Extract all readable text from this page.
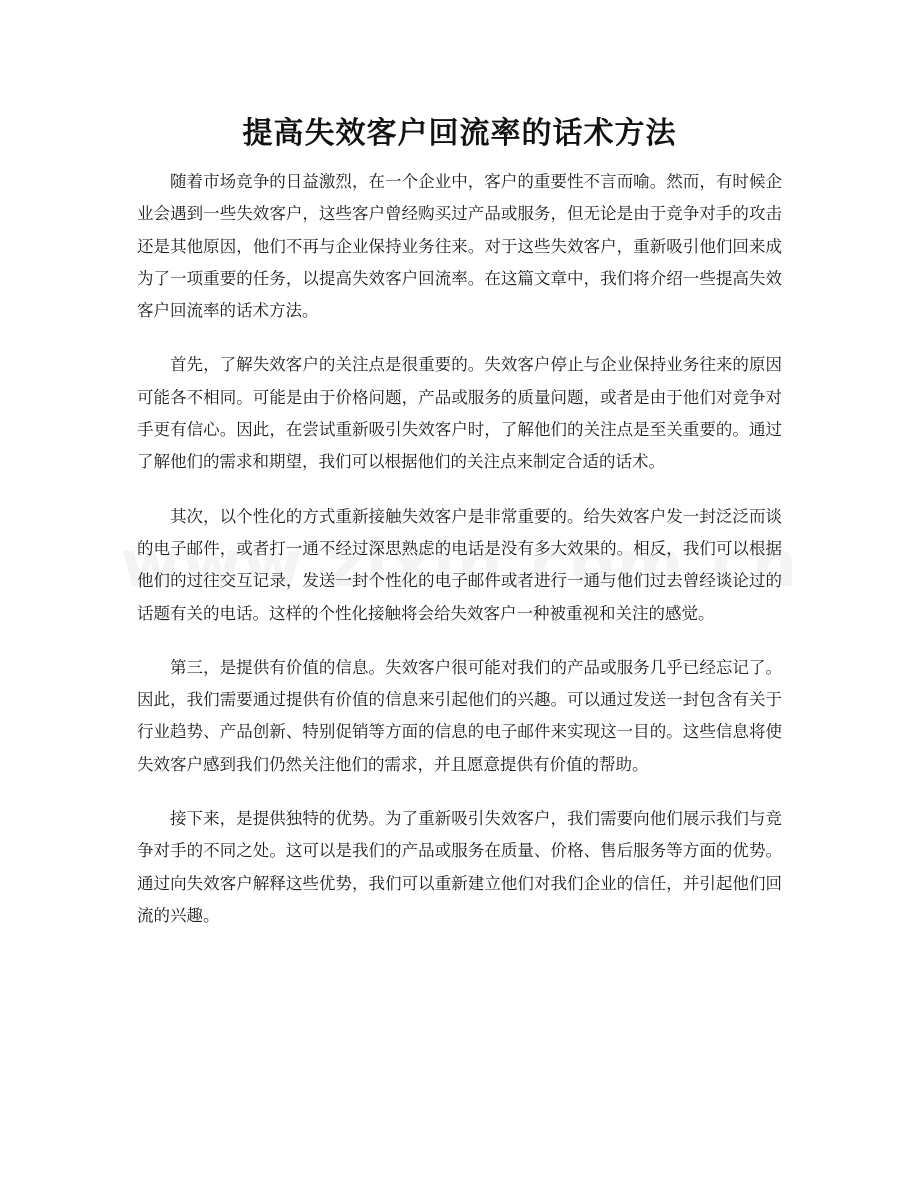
提高失效客户回流率的话术方法

随着市场竞争的日益激烈，在一个企业中，客户的重要性不言而喻。然而，有时候企业会遇到一些失效客户，这些客户曾经购买过产品或服务，但无论是由于竞争对手的攻击还是其他原因，他们不再与企业保持业务往来。对于这些失效客户，重新吸引他们回来成为了一项重要的任务，以提高失效客户回流率。在这篇文章中，我们将介绍一些提高失效客户回流率的话术方法。

首先，了解失效客户的关注点是很重要的。失效客户停止与企业保持业务往来的原因可能各不相同。可能是由于价格问题，产品或服务的质量问题，或者是由于他们对竞争对手更有信心。因此，在尝试重新吸引失效客户时，了解他们的关注点是至关重要的。通过了解他们的需求和期望，我们可以根据他们的关注点来制定合适的话术。

其次，以个性化的方式重新接触失效客户是非常重要的。给失效客户发一封泛泛而谈的电子邮件，或者打一通不经过深思熟虑的电话是没有多大效果的。相反，我们可以根据他们的过往交互记录，发送一封个性化的电子邮件或者进行一通与他们过去曾经谈论过的话题有关的电话。这样的个性化接触将会给失效客户一种被重视和关注的感觉。

第三，是提供有价值的信息。失效客户很可能对我们的产品或服务几乎已经忘记了。因此，我们需要通过提供有价值的信息来引起他们的兴趣。可以通过发送一封包含有关于行业趋势、产品创新、特别促销等方面的信息的电子邮件来实现这一目的。这些信息将使失效客户感到我们仍然关注他们的需求，并且愿意提供有价值的帮助。

接下来，是提供独特的优势。为了重新吸引失效客户，我们需要向他们展示我们与竞争对手的不同之处。这可以是我们的产品或服务在质量、价格、售后服务等方面的优势。通过向失效客户解释这些优势，我们可以重新建立他们对我们企业的信任，并引起他们回流的兴趣。
